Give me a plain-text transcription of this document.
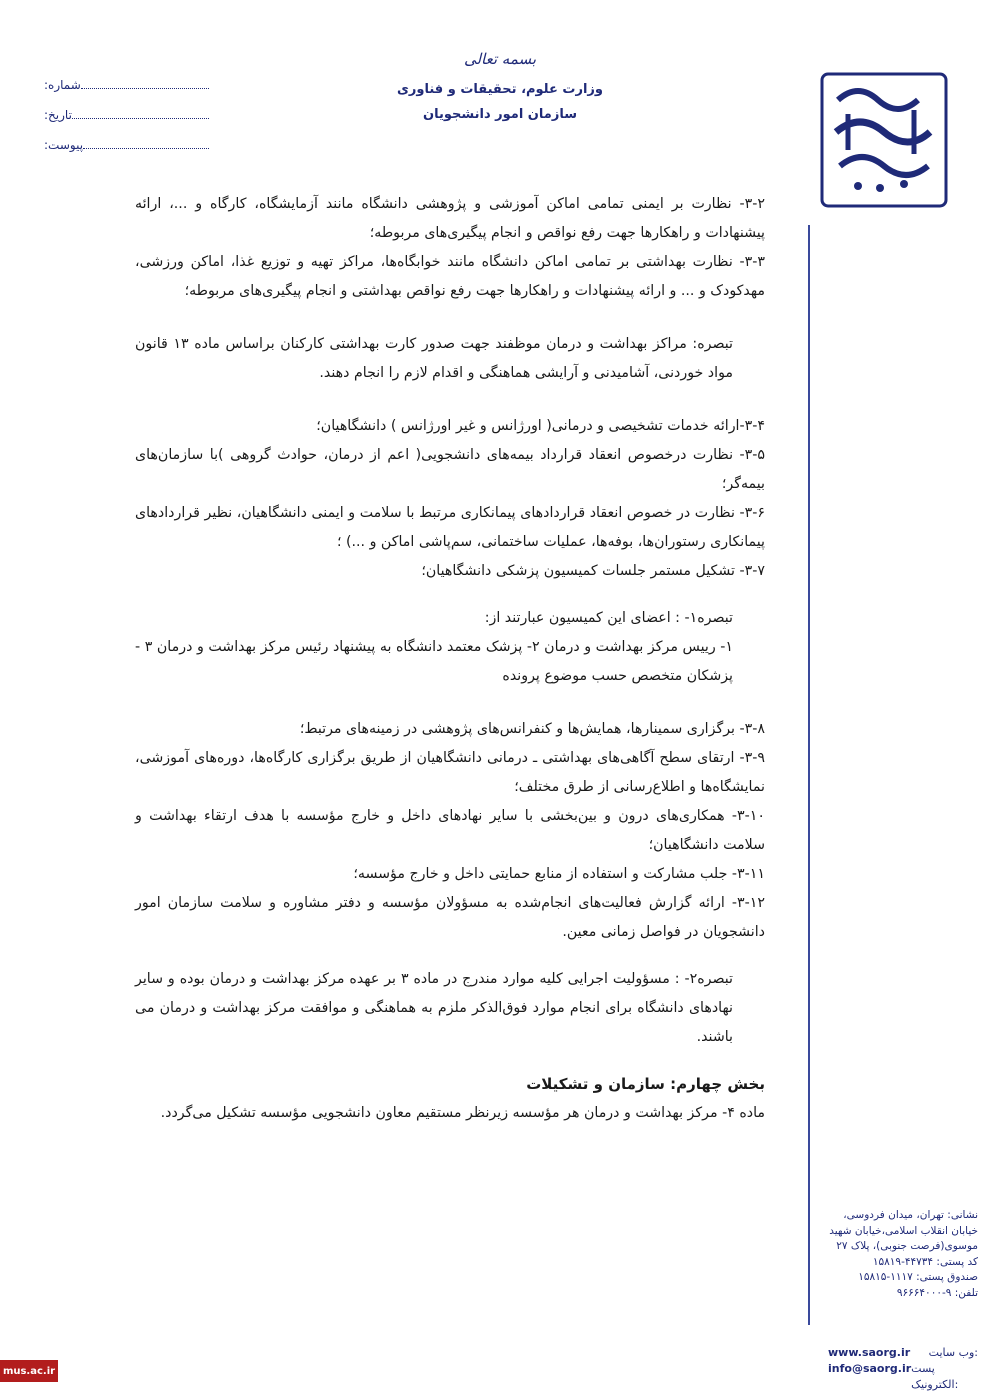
بسمه تعالی
وزارت علوم، تحقیقات و فناوری
سازمان امور دانشجویان
شماره:
تاریخ:
پیوست:

۳-۲- نظارت بر ایمنی تمامی اماکن آموزشی و پژوهشی دانشگاه مانند آزمایشگاه، کارگاه و ...، ارائه پیشنهادات و راهکارها جهت رفع نواقص و انجام پیگیری‌های مربوطه؛

۳-۳- نظارت بهداشتی بر تمامی اماکن دانشگاه مانند خوابگاه‌ها، مراکز تهیه و توزیع غذا، اماکن ورزشی، مهدکودک و ... و ارائه پیشنهادات و راهکارها جهت رفع نواقص بهداشتی و انجام پیگیری‌های مربوطه؛

تبصره: مراکز بهداشت و درمان موظفند جهت صدور کارت بهداشتی کارکنان براساس ماده ۱۳ قانون مواد خوردنی، آشامیدنی و آرایشی هماهنگی و اقدام لازم را انجام دهند.

۳-۴-ارائه خدمات تشخیصی و درمانی( اورژانس و غیر اورژانس ) دانشگاهیان؛

۳-۵- نظارت درخصوص انعقاد قرارداد بیمه‌های دانشجویی( اعم از درمان، حوادث گروهی )با سازمان‌های بیمه‌گر؛

۳-۶- نظارت در خصوص انعقاد قراردادهای پیمانکاری مرتبط با سلامت و ایمنی دانشگاهیان، نظیر قراردادهای پیمانکاری رستوران‌ها، بوفه‌ها، عملیات ساختمانی، سم‌پاشی اماکن و ...) ؛

۳-۷- تشکیل مستمر جلسات کمیسیون پزشکی دانشگاهیان؛

تبصره۱- : اعضای این کمیسیون عبارتند از:

۱- رییس مرکز بهداشت و درمان ۲- پزشک معتمد دانشگاه به پیشنهاد رئیس مرکز بهداشت و درمان ۳ - پزشکان متخصص حسب موضوع پرونده

۳-۸- برگزاری سمینارها، همایش‌ها و کنفرانس‌های پژوهشی در زمینه‌های مرتبط؛

۳-۹- ارتقای سطح آگاهی‌های بهداشتی ـ درمانی دانشگاهیان از طریق برگزاری کارگاه‌ها، دوره‌های آموزشی، نمایشگاه‌ها و اطلاع‌رسانی از طرق مختلف؛

۳-۱۰- همکاری‌های درون و بین‌بخشی با سایر نهادهای داخل و خارج مؤسسه با هدف ارتقاء بهداشت و سلامت دانشگاهیان؛

۳-۱۱- جلب مشارکت و استفاده از منابع حمایتی داخل و خارج مؤسسه؛

۳-۱۲- ارائه گزارش فعالیت‌های انجام‌شده به مسؤولان مؤسسه و دفتر مشاوره و سلامت سازمان امور دانشجویان در فواصل زمانی معین.

تبصره۲- : مسؤولیت اجرایی کلیه موارد مندرج در ماده ۳ بر عهده مرکز بهداشت و درمان بوده و سایر نهادهای دانشگاه برای انجام موارد فوق‌الذکر ملزم به هماهنگی و موافقت مرکز بهداشت و درمان می باشند.

بخش چهارم: سازمان و تشکیلات

ماده ۴- مرکز بهداشت و درمان هر مؤسسه زیرنظر مستقیم معاون دانشجویی مؤسسه تشکیل می‌گردد.

نشانی: تهران، میدان فردوسی،
خیابان انقلاب اسلامی،خیابان شهید
موسوی(فرصت جنوبی)، پلاک ۲۷
کد پستی: ۴۴۷۳۴-۱۵۸۱۹
صندوق پستی: ۱۱۱۷-۱۵۸۱۵
تلفن: ۹-۹۶۶۶۴۰۰۰
www.saorg.ir وب سایت:
info@saorg.ir پست الکترونیک:
mus.ac.ir
